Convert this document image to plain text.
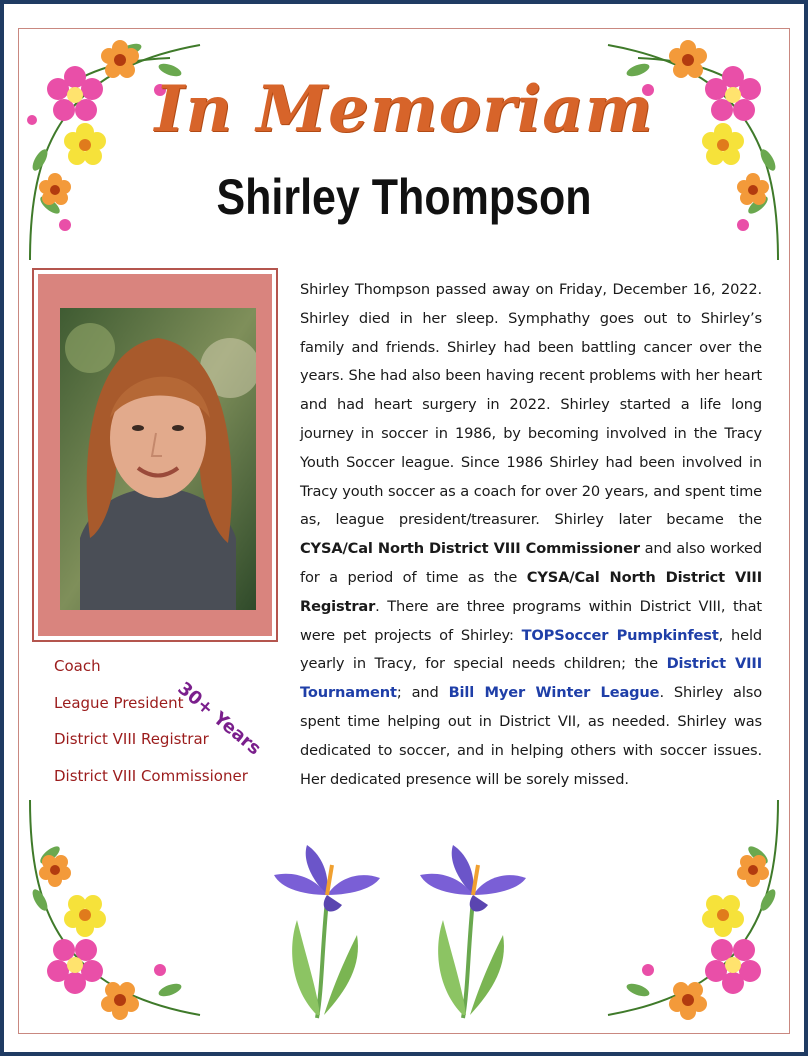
In Memoriam
Shirley Thompson
Coach
League President
District VIII Registrar
District VIII Commissioner
30+ Years
Shirley Thompson passed away on Friday, December 16, 2022. Shirley died in her sleep. Symphathy goes out to Shirley’s family and friends. Shirley had been battling cancer over the years. She had also been having recent problems with her heart and had heart surgery in 2022. Shirley started a life long journey in soccer in 1986, by becoming involved in the Tracy Youth Soccer league. Since 1986 Shirley had been involved in Tracy youth soccer as a coach for over 20 years, and spent time as, league president/treasurer. Shirley later became the CYSA/Cal North District VIII Commissioner and also worked for a period of time as the CYSA/Cal North District VIII Registrar. There are three programs within District VIII, that were pet projects of Shirley: TOPSoccer Pumpkinfest, held yearly in Tracy, for special needs children; the District VIII Tournament; and Bill Myer Winter League. Shirley also spent time helping out in District VII, as needed. Shirley was dedicated to soccer, and in helping others with soccer issues. Her dedicated presence will be sorely missed.
